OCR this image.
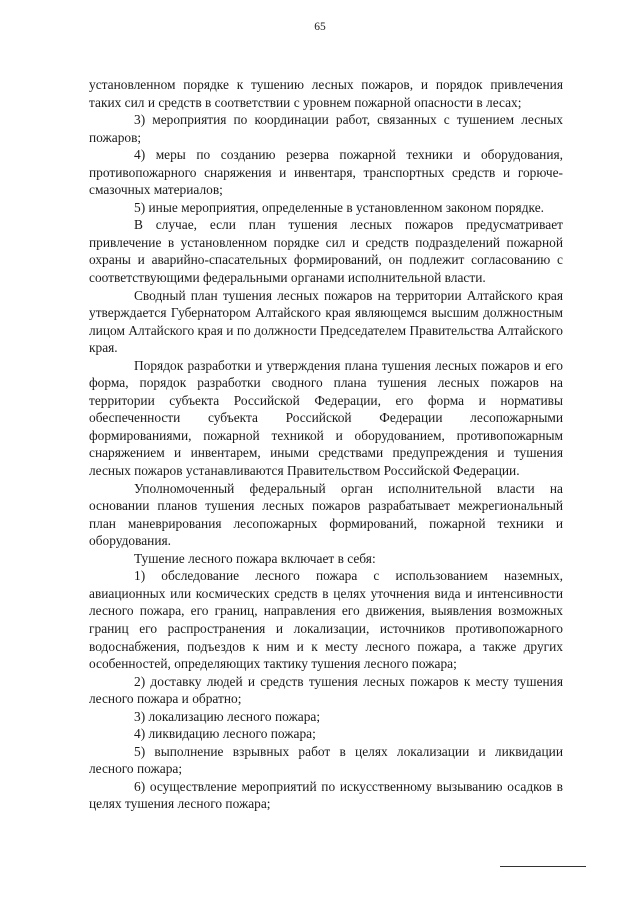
65

установленном порядке к тушению лесных пожаров, и порядок привлечения таких сил и средств в соответствии с уровнем пожарной опасности в лесах;

3) мероприятия по координации работ, связанных с тушением лесных пожаров;

4) меры по созданию резерва пожарной техники и оборудования, противопожарного снаряжения и инвентаря, транспортных средств и горюче-смазочных материалов;

5) иные мероприятия, определенные в установленном законом порядке.

В случае, если план тушения лесных пожаров предусматривает привлечение в установленном порядке сил и средств подразделений пожарной охраны и аварийно-спасательных формирований, он подлежит согласованию с соответствующими федеральными органами исполнительной власти.

Сводный план тушения лесных пожаров на территории Алтайского края утверждается Губернатором Алтайского края являющемся высшим должностным лицом Алтайского края и по должности Председателем Правительства Алтайского края.

Порядок разработки и утверждения плана тушения лесных пожаров и его форма, порядок разработки сводного плана тушения лесных пожаров на территории субъекта Российской Федерации, его форма и нормативы обеспеченности субъекта Российской Федерации лесопожарными формированиями, пожарной техникой и оборудованием, противопожарным снаряжением и инвентарем, иными средствами предупреждения и тушения лесных пожаров устанавливаются Правительством Российской Федерации.

Уполномоченный федеральный орган исполнительной власти на основании планов тушения лесных пожаров разрабатывает межрегиональный план маневрирования лесопожарных формирований, пожарной техники и оборудования.

Тушение лесного пожара включает в себя:

1) обследование лесного пожара с использованием наземных, авиационных или космических средств в целях уточнения вида и интенсивности лесного пожара, его границ, направления его движения, выявления возможных границ его распространения и локализации, источников противопожарного водоснабжения, подъездов к ним и к месту лесного пожара, а также других особенностей, определяющих тактику тушения лесного пожара;

2) доставку людей и средств тушения лесных пожаров к месту тушения лесного пожара и обратно;

3) локализацию лесного пожара;

4) ликвидацию лесного пожара;

5) выполнение взрывных работ в целях локализации и ликвидации лесного пожара;

6) осуществление мероприятий по искусственному вызыванию осадков в целях тушения лесного пожара;
